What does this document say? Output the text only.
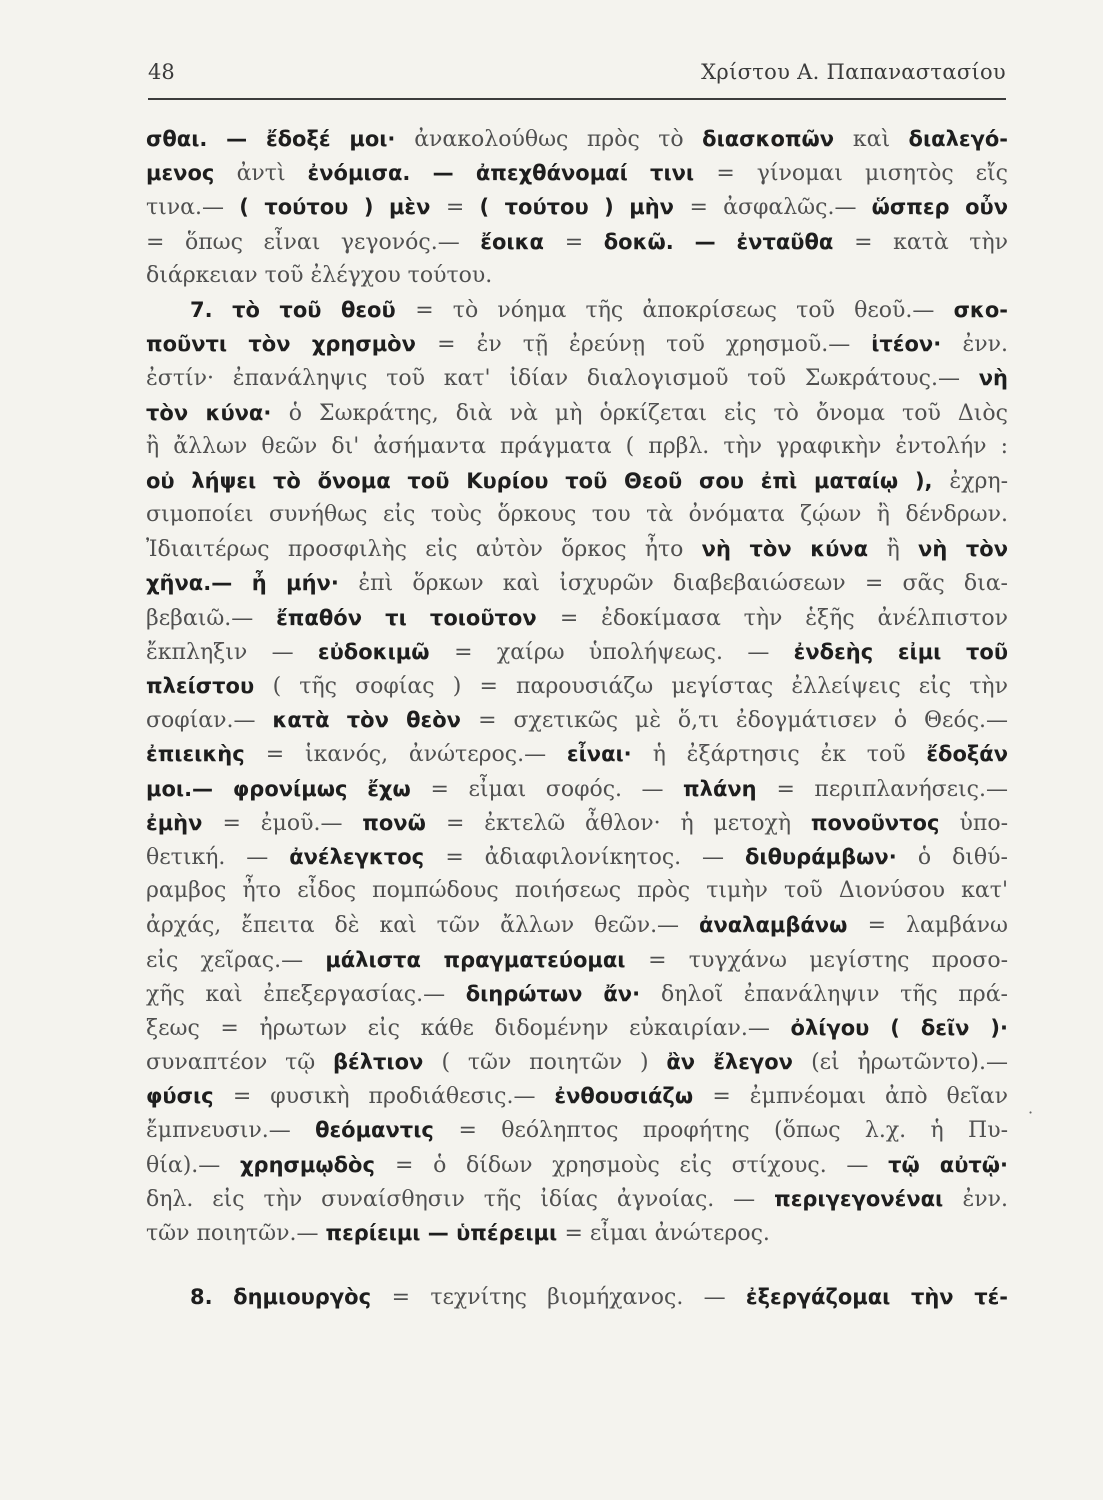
48	Χρίστου Α. Παπαναστασίου
σθαι. — ἔδοξέ μοι· ἀνακολούθως πρὸς τὸ διασκοπῶν καὶ διαλεγό-
μενος ἀντὶ ἐνόμισα. — ἀπεχθάνομαί τινι = γίνομαι μισητὸς εἴς
τινα.— ( τούτου ) μὲν = ( τούτου ) μὴν = ἀσφαλῶς.— ὥσπερ οὖν
= ὅπως εἶναι γεγονός.— ἔοικα = δοκῶ. — ἐνταῦθα = κατὰ τὴν
διάρκειαν τοῦ ἐλέγχου τούτου.
7. τὸ τοῦ θεοῦ = τὸ νόημα τῆς ἀποκρίσεως τοῦ θεοῦ.— σκο-
ποῦντι τὸν χρησμὸν = ἐν τῇ ἐρεύνῃ τοῦ χρησμοῦ.— ἰτέον· ἐνν.
ἐστίν· ἐπανάληψις τοῦ κατ' ἰδίαν διαλογισμοῦ τοῦ Σωκράτους.— νὴ
τὸν κύνα· ὁ Σωκράτης, διὰ νὰ μὴ ὁρκίζεται εἰς τὸ ὄνομα τοῦ Διὸς
ἢ ἄλλων θεῶν δι' ἀσήμαντα πράγματα ( πρβλ. τὴν γραφικὴν ἐντολήν :
οὐ λήψει τὸ ὄνομα τοῦ Κυρίου τοῦ Θεοῦ σου ἐπὶ ματαίῳ ), ἐχρη-
σιμοποίει συνήθως εἰς τοὺς ὅρκους του τὰ ὀνόματα ζῴων ἢ δένδρων.
Ἰδιαιτέρως προσφιλὴς εἰς αὐτὸν ὅρκος ἦτο νὴ τὸν κύνα ἢ νὴ τὸν
χῆνα.— ἦ μήν· ἐπὶ ὅρκων καὶ ἰσχυρῶν διαβεβαιώσεων = σᾶς δια-
βεβαιῶ.— ἔπαθόν τι τοιοῦτον = ἐδοκίμασα τὴν ἑξῆς ἀνέλπιστον
ἔκπληξιν — εὐδοκιμῶ = χαίρω ὑπολήψεως. — ἐνδεὴς εἰμι τοῦ
πλείστου ( τῆς σοφίας ) = παρουσιάζω μεγίστας ἐλλείψεις εἰς τὴν
σοφίαν.— κατὰ τὸν θεὸν = σχετικῶς μὲ ὅ,τι ἐδογμάτισεν ὁ Θεός.—
ἐπιεικὴς = ἱκανός, ἀνώτερος.— εἶναι· ἡ ἐξάρτησις ἐκ τοῦ ἔδοξάν
μοι.— φρονίμως ἔχω = εἶμαι σοφός. — πλάνη = περιπλανήσεις.—
ἐμὴν = ἐμοῦ.— πονῶ = ἐκτελῶ ἆθλον· ἡ μετοχὴ πονοῦντος ὑπο-
θετική. — ἀνέλεγκτος = ἀδιαφιλονίκητος. — διθυράμβων· ὁ διθύ-
ραμβος ἦτο εἶδος πομπώδους ποιήσεως πρὸς τιμὴν τοῦ Διονύσου κατ'
ἀρχάς, ἔπειτα δὲ καὶ τῶν ἄλλων θεῶν.— ἀναλαμβάνω = λαμβάνω
εἰς χεῖρας.— μάλιστα πραγματεύομαι = τυγχάνω μεγίστης προσο-
χῆς καὶ ἐπεξεργασίας.— διηρώτων ἄν· δηλοῖ ἐπανάληψιν τῆς πρά-
ξεως = ἠρωτων εἰς κάθε διδομένην εὐκαιρίαν.— ὀλίγου ( δεῖν )·
συναπτέον τῷ βέλτιον ( τῶν ποιητῶν ) ἂν ἔλεγον (εἰ ἠρωτῶντο).—
φύσις = φυσικὴ προδιάθεσις.— ἐνθουσιάζω = ἐμπνέομαι ἀπὸ θεῖαν
ἔμπνευσιν.— θεόμαντις = θεόληπτος προφήτης (ὅπως λ.χ. ἡ Πυ-
θία).— χρησμῳδὸς = ὁ δίδων χρησμοὺς εἰς στίχους. — τῷ αὐτῷ·
δηλ. εἰς τὴν συναίσθησιν τῆς ἰδίας ἀγνοίας. — περιγεγονέναι ἐνν.
τῶν ποιητῶν.— περίειμι — ὑπέρειμι = εἶμαι ἀνώτερος.
8. δημιουργὸς = τεχνίτης βιομήχανος. — ἐξεργάζομαι τὴν τέ-
·
